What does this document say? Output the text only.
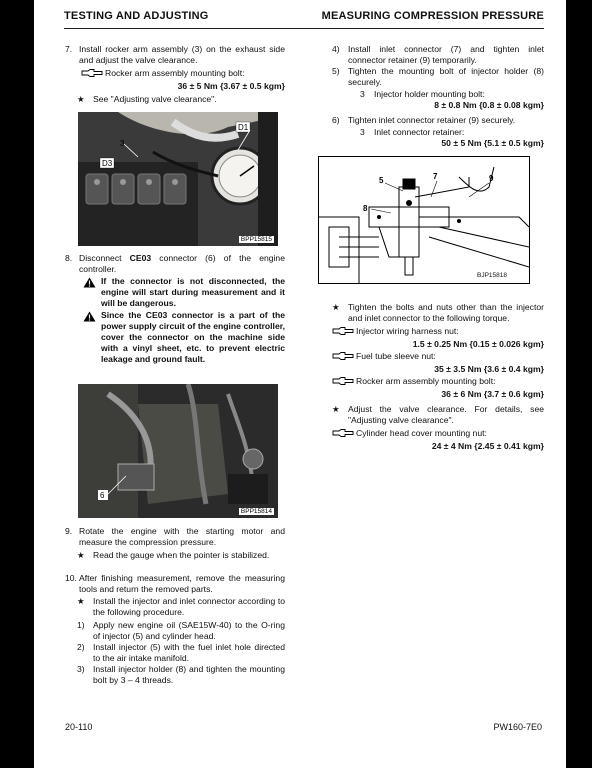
TESTING AND ADJUSTING	MEASURING COMPRESSION PRESSURE
7. Install rocker arm assembly (3) on the exhaust side and adjust the valve clearance.
Rocker arm assembly mounting bolt:
36 ± 5 Nm {3.67 ± 0.5 kgm}
★ See "Adjusting valve clearance".
8. Disconnect CE03 connector (6) of the engine controller.
If the connector is not disconnected, the engine will start during measurement and it will be dangerous.
Since the CE03 connector is a part of the power supply circuit of the engine controller, cover the connector on the machine side with a vinyl sheet, etc. to prevent electric leakage and ground fault.
9. Rotate the engine with the starting motor and measure the compression pressure.
★ Read the gauge when the pointer is stabilized.
10. After finishing measurement, remove the measuring tools and return the removed parts.
★ Install the injector and inlet connector according to the following procedure.
1) Apply new engine oil (SAE15W-40) to the O-ring of injector (5) and cylinder head.
2) Install injector (5) with the fuel inlet hole directed to the air intake manifold.
3) Install injector holder (8) and tighten the mounting bolt by 3 – 4 threads.
D1
D3
3
BPP15815
6
BPP15814
4) Install inlet connector (7) and tighten inlet connector retainer (9) temporarily.
5) Tighten the mounting bolt of injector holder (8) securely.
3 Injector holder mounting bolt:
8 ± 0.8 Nm {0.8 ± 0.08 kgm}
6) Tighten inlet connector retainer (9) securely.
3 Inlet connector retainer:
50 ± 5 Nm {5.1 ± 0.5 kgm}
5	7	9
8
BJP15818
★ Tighten the bolts and nuts other than the injector and inlet connector to the following torque.
Injector wiring harness nut:
1.5 ± 0.25 Nm {0.15 ± 0.026 kgm}
Fuel tube sleeve nut:
35 ± 3.5 Nm {3.6 ± 0.4 kgm}
Rocker arm assembly mounting bolt:
36 ± 6 Nm {3.7 ± 0.6 kgm}
★ Adjust the valve clearance. For details, see "Adjusting valve clearance".
Cylinder head cover mounting nut:
24 ± 4 Nm {2.45 ± 0.41 kgm}
20-110	PW160-7E0
